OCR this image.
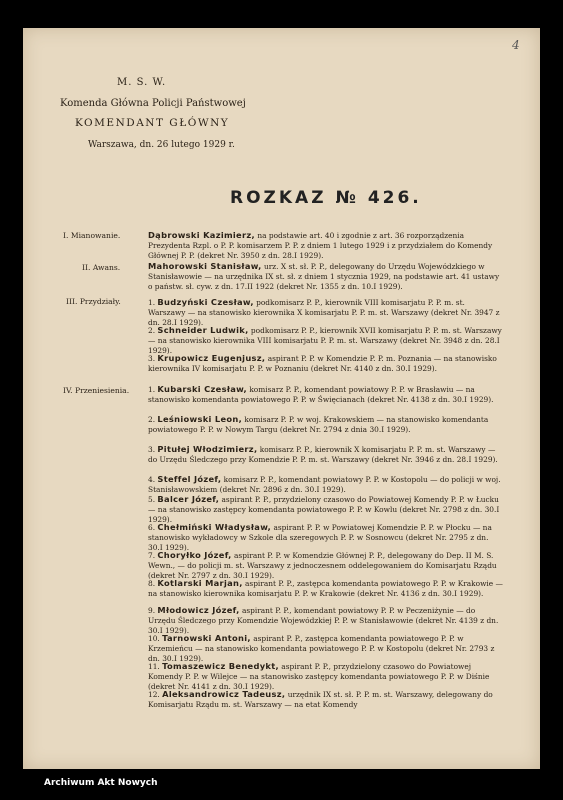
4
M. S. W.
Komenda Główna Policji Państwowej
KOMENDANT GŁÓWNY
Warszawa, dn. 26 lutego 1929 r.
ROZKAZ № 426.
I. Mianowanie.
II. Awans.
III. Przydziały.
IV. Przeniesienia.
Dąbrowski Kazimierz, na podstawie art. 40 i zgodnie z art. 36 rozporządzenia Prezydenta Rzpl. o P. P. komisarzem P. P. z dniem 1 lutego 1929 i z przydziałem do Komendy Głównej P. P. (dekret Nr. 3950 z dn. 28.I 1929).
Mahorowski Stanisław, urz. X st. sł. P. P., delegowany do Urzędu Wojewódzkiego w Stanisławowie — na urzędnika IX st. sł. z dniem 1 stycznia 1929, na podstawie art. 41 ustawy o państw. sł. cyw. z dn. 17.II 1922 (dekret Nr. 1355 z dn. 10.I 1929).
1. Budzyński Czesław, podkomisarz P. P., kierownik VIII komisarjatu P. P. m. st. Warszawy — na stanowisko kierownika X komisarjatu P. P. m. st. Warszawy (dekret Nr. 3947 z dn. 28.I 1929).
2. Schneider Ludwik, podkomisarz P. P., kierownik XVII komisarjatu P. P. m. st. Warszawy — na stanowisko kierownika VIII komisarjatu P. P. m. st. Warszawy (dekret Nr. 3948 z dn. 28.I 1929).
3. Krupowicz Eugenjusz, aspirant P. P. w Komendzie P. P. m. Poznania — na stanowisko kierownika IV komisarjatu P. P. w Poznaniu (dekret Nr. 4140 z dn. 30.I 1929).
1. Kubarski Czesław, komisarz P. P., komendant powiatowy P. P. w Brasławiu — na stanowisko komendanta powiatowego P. P. w Święcianach (dekret Nr. 4138 z dn. 30.I 1929).
2. Leśniowski Leon, komisarz P. P. w woj. Krakowskiem — na stanowisko komendanta powiatowego P. P. w Nowym Targu (dekret Nr. 2794 z dnia 30.I 1929).
3. Pitułej Włodzimierz, komisarz P. P., kierownik X komisarjatu P. P. m. st. Warszawy — do Urzędu Śledczego przy Komendzie P. P. m. st. Warszawy (dekret Nr. 3946 z dn. 28.I 1929).
4. Steffel Józef, komisarz P. P., komendant powiatowy P. P. w Kostopolu — do policji w woj. Stanisławowskiem (dekret Nr. 2896 z dn. 30.I 1929).
5. Balcer Józef, aspirant P. P., przydzielony czasowo do Powiatowej Komendy P. P. w Łucku — na stanowisko zastępcy komendanta powiatowego P. P. w Kowlu (dekret Nr. 2798 z dn. 30.I 1929).
6. Chełmiński Władysław, aspirant P. P. w Powiatowej Komendzie P. P. w Płocku — na stanowisko wykładowcy w Szkole dla szeregowych P. P. w Sosnowcu (dekret Nr. 2795 z dn. 30.I 1929).
7. Choryłko Józef, aspirant P. P. w Komendzie Głównej P. P., delegowany do Dep. II M. S. Wewn., — do policji m. st. Warszawy z jednoczesnem oddelegowaniem do Komisarjatu Rządu (dekret Nr. 2797 z dn. 30.I 1929).
8. Kotlarski Marjan, aspirant P. P., zastępca komendanta powiatowego P. P. w Krakowie — na stanowisko kierownika komisarjatu P. P. w Krakowie (dekret Nr. 4136 z dn. 30.I 1929).
9. Młodowicz Józef, aspirant P. P., komendant powiatowy P. P. w Peczeniżynie — do Urzędu Śledczego przy Komendzie Wojewódzkiej P. P. w Stanisławowie (dekret Nr. 4139 z dn. 30.I 1929).
10. Tarnowski Antoni, aspirant P. P., zastępca komendanta powiatowego P. P. w Krzemieńcu — na stanowisko komendanta powiatowego P. P. w Kostopolu (dekret Nr. 2793 z dn. 30.I 1929).
11. Tomaszewicz Benedykt, aspirant P. P., przydzielony czasowo do Powiatowej Komendy P. P. w Wilejce — na stanowisko zastępcy komendanta powiatowego P. P. w Diśnie (dekret Nr. 4141 z dn. 30.I 1929).
12. Aleksandrowicz Tadeusz, urzędnik IX st. sł. P. P. m. st. Warszawy, delegowany do Komisarjatu Rządu m. st. Warszawy — na etat Komendy
Archiwum Akt Nowych
